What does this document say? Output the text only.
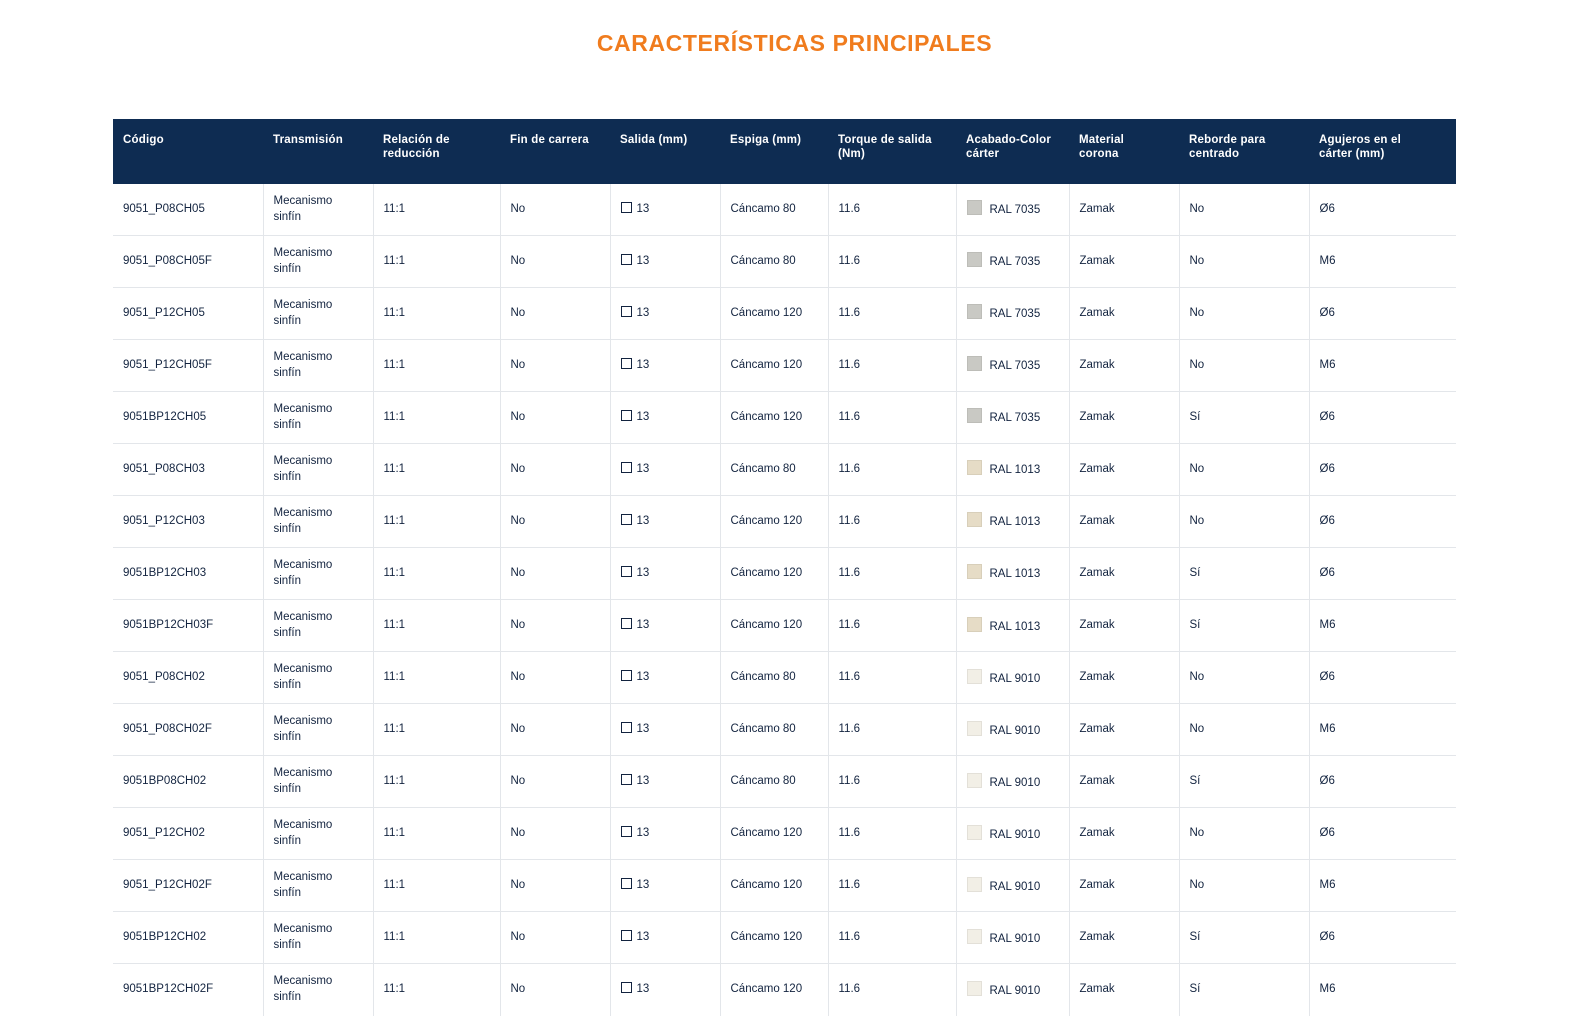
CARACTERÍSTICAS PRINCIPALES
Código	Transmisión	Relación de
reducción	Fin de carrera	Salida (mm)	Espiga (mm)	Torque de salida
(Nm)	Acabado-Color
cárter	Material
corona	Reborde para
centrado	Agujeros en el
cárter (mm)
9051_P08CH05	Mecanismo
sinfín	11:1	No	13	Cáncamo 80	11.6	RAL 7035	Zamak	No	Ø6
9051_P08CH05F	Mecanismo
sinfín	11:1	No	13	Cáncamo 80	11.6	RAL 7035	Zamak	No	M6
9051_P12CH05	Mecanismo
sinfín	11:1	No	13	Cáncamo 120	11.6	RAL 7035	Zamak	No	Ø6
9051_P12CH05F	Mecanismo
sinfín	11:1	No	13	Cáncamo 120	11.6	RAL 7035	Zamak	No	M6
9051BP12CH05	Mecanismo
sinfín	11:1	No	13	Cáncamo 120	11.6	RAL 7035	Zamak	Sí	Ø6
9051_P08CH03	Mecanismo
sinfín	11:1	No	13	Cáncamo 80	11.6	RAL 1013	Zamak	No	Ø6
9051_P12CH03	Mecanismo
sinfín	11:1	No	13	Cáncamo 120	11.6	RAL 1013	Zamak	No	Ø6
9051BP12CH03	Mecanismo
sinfín	11:1	No	13	Cáncamo 120	11.6	RAL 1013	Zamak	Sí	Ø6
9051BP12CH03F	Mecanismo
sinfín	11:1	No	13	Cáncamo 120	11.6	RAL 1013	Zamak	Sí	M6
9051_P08CH02	Mecanismo
sinfín	11:1	No	13	Cáncamo 80	11.6	RAL 9010	Zamak	No	Ø6
9051_P08CH02F	Mecanismo
sinfín	11:1	No	13	Cáncamo 80	11.6	RAL 9010	Zamak	No	M6
9051BP08CH02	Mecanismo
sinfín	11:1	No	13	Cáncamo 80	11.6	RAL 9010	Zamak	Sí	Ø6
9051_P12CH02	Mecanismo
sinfín	11:1	No	13	Cáncamo 120	11.6	RAL 9010	Zamak	No	Ø6
9051_P12CH02F	Mecanismo
sinfín	11:1	No	13	Cáncamo 120	11.6	RAL 9010	Zamak	No	M6
9051BP12CH02	Mecanismo
sinfín	11:1	No	13	Cáncamo 120	11.6	RAL 9010	Zamak	Sí	Ø6
9051BP12CH02F	Mecanismo
sinfín	11:1	No	13	Cáncamo 120	11.6	RAL 9010	Zamak	Sí	M6
